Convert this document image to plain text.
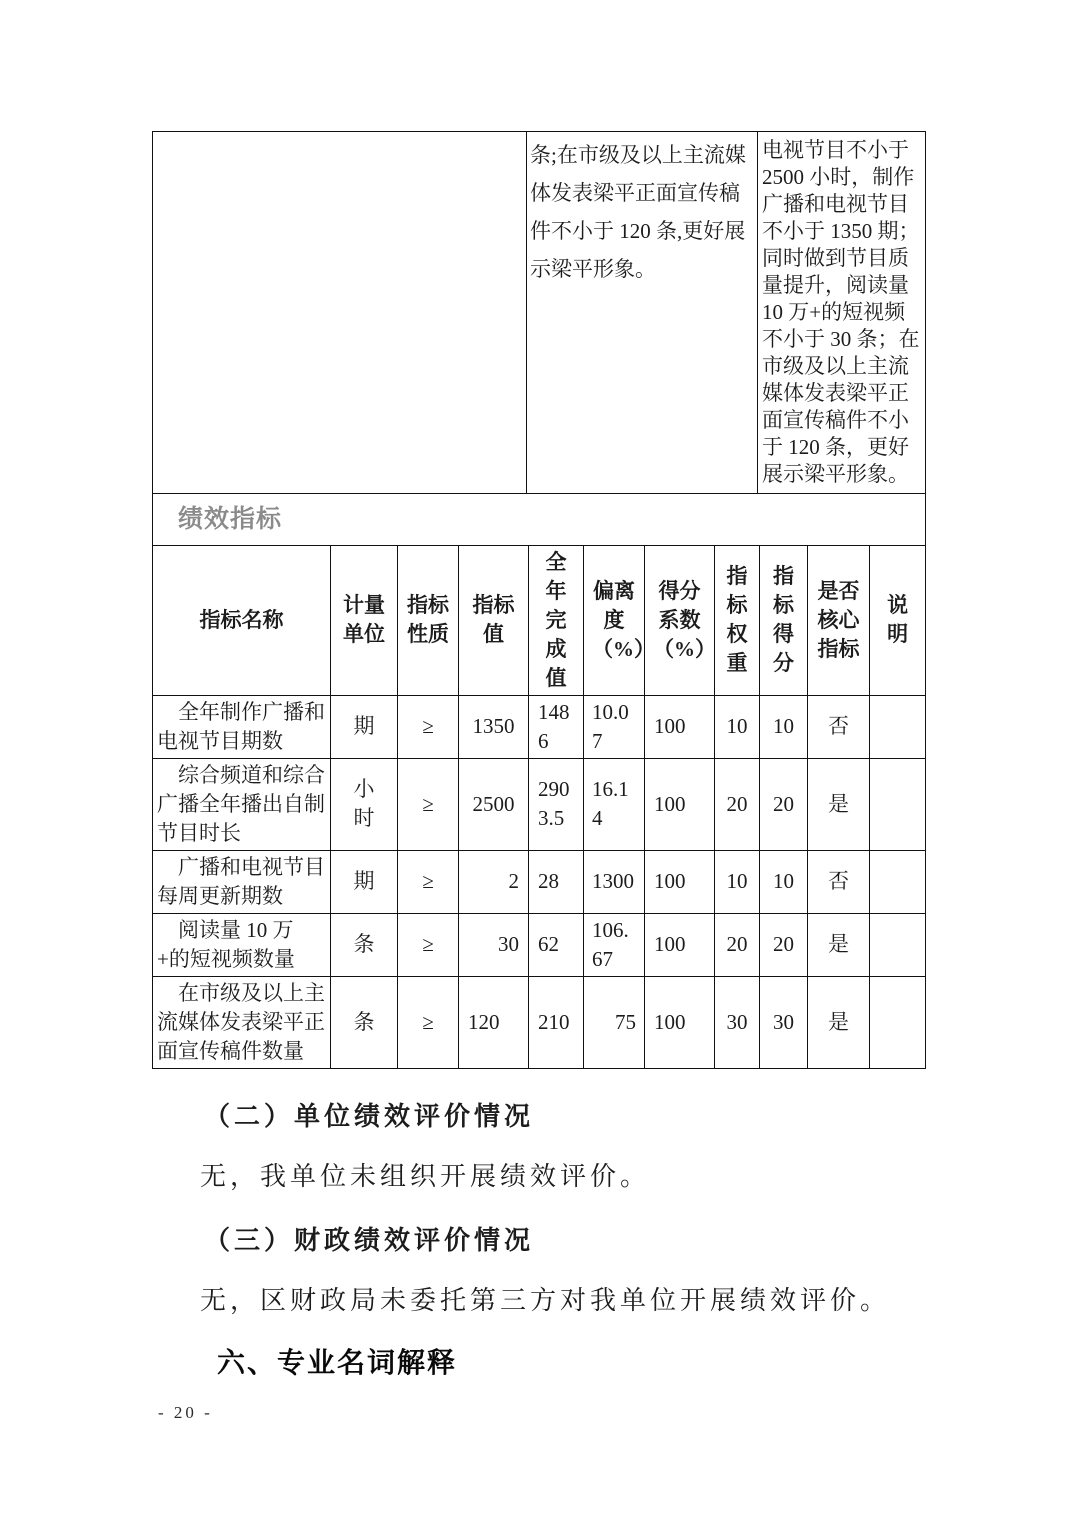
	条;在市级及以上主流媒体发表梁平正面宣传稿件不小于 120 条,更好展示梁平形象。	电视节目不小于 2500 小时，制作广播和电视节目不小于 1350 期；同时做到节目质量提升，阅读量 10 万+的短视频不小于 30 条；在市级及以上主流媒体发表梁平正面宣传稿件不小于 120 条，更好展示梁平形象。
绩效指标										
指标名称	计量单位	指标性质	指标值	全年完成值	偏离度（%）	得分系数（%）	指标权重	指标得分	是否核心指标	说明
全年制作广播和电视节目期数	期	≥	1350	1486	10.07	100	10	10	否	
综合频道和综合广播全年播出自制节目时长	小时	≥	2500	2903.5	16.14	100	20	20	是	
广播和电视节目每周更新期数	期	≥	2	28	1300	100	10	10	否	
阅读量 10 万+的短视频数量	条	≥	30	62	106.67	100	20	20	是	
在市级及以上主流媒体发表梁平正面宣传稿件数量	条	≥	120	210	75	100	30	30	是	
（二）单位绩效评价情况
无，我单位未组织开展绩效评价。
（三）财政绩效评价情况
无，区财政局未委托第三方对我单位开展绩效评价。
六、专业名词解释
- 20 -
